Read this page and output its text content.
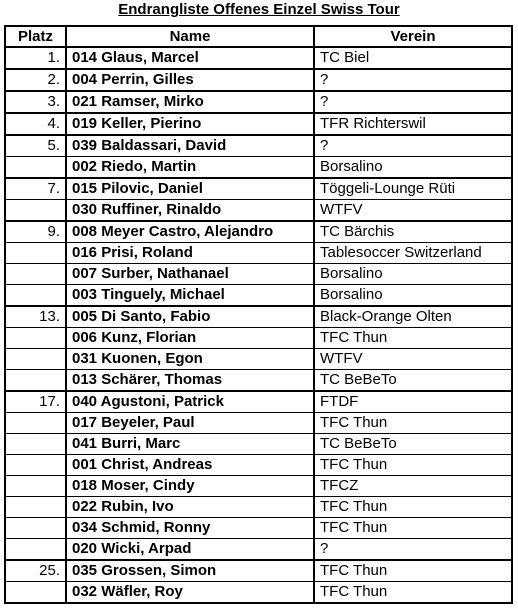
Endrangliste Offenes Einzel Swiss Tour
Platz	Name	Verein
1.	014 Glaus, Marcel	TC Biel
2.	004 Perrin, Gilles	?
3.	021 Ramser, Mirko	?
4.	019 Keller, Pierino	TFR Richterswil
5.	039 Baldassari, David	?
	002 Riedo, Martin	Borsalino
7.	015 Pilovic, Daniel	Töggeli-Lounge Rüti
	030 Ruffiner, Rinaldo	WTFV
9.	008 Meyer Castro, Alejandro	TC Bärchis
	016 Prisi, Roland	Tablesoccer Switzerland
	007 Surber, Nathanael	Borsalino
	003 Tinguely, Michael	Borsalino
13.	005 Di Santo, Fabio	Black-Orange Olten
	006 Kunz, Florian	TFC Thun
	031 Kuonen, Egon	WTFV
	013 Schärer, Thomas	TC BeBeTo
17.	040 Agustoni, Patrick	FTDF
	017 Beyeler, Paul	TFC Thun
	041 Burri, Marc	TC BeBeTo
	001 Christ, Andreas	TFC Thun
	018 Moser, Cindy	TFCZ
	022 Rubin, Ivo	TFC Thun
	034 Schmid, Ronny	TFC Thun
	020 Wicki, Arpad	?
25.	035 Grossen, Simon	TFC Thun
	032 Wäfler, Roy	TFC Thun
